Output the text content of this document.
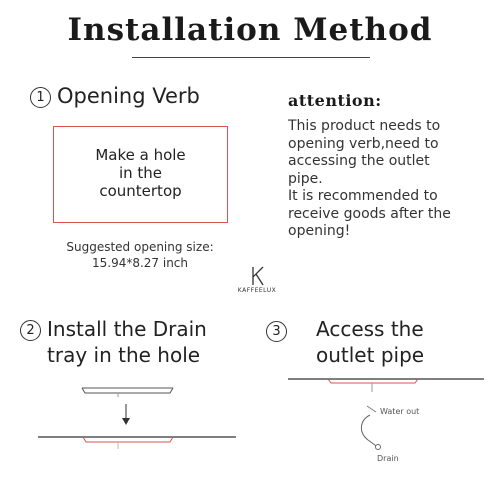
Installation Method
1 Opening Verb
Make a hole
in the
countertop
Suggested opening size:
15.94*8.27 inch
attention:
This product needs to
opening verb,need to
accessing the outlet
pipe.
It is recommended to
receive goods after the
opening!
KAFFEELUX
2 Install the Drain
tray in the hole
3	Access the
outlet pipe
Water out
Drain
